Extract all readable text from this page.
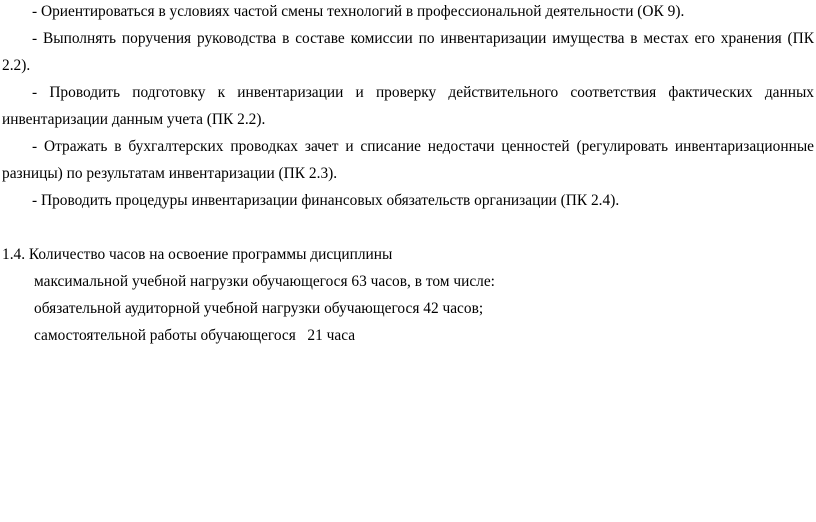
- Ориентироваться в условиях частой смены технологий в профессиональной деятельности (ОК 9).

- Выполнять поручения руководства в составе комиссии по инвентаризации имущества в местах его хранения (ПК 2.2).

- Проводить подготовку к инвентаризации и проверку действительного соответствия фактических данных инвентаризации данным учета (ПК 2.2).

- Отражать в бухгалтерских проводках зачет и списание недостачи ценностей (регулировать инвентаризационные разницы) по результатам инвентаризации (ПК 2.3).

- Проводить процедуры инвентаризации финансовых обязательств организации (ПК 2.4).

1.4. Количество часов на освоение программы дисциплины

максимальной учебной нагрузки обучающегося 63 часов, в том числе:

обязательной аудиторной учебной нагрузки обучающегося 42 часов;

самостоятельной работы обучающегося   21 часа
